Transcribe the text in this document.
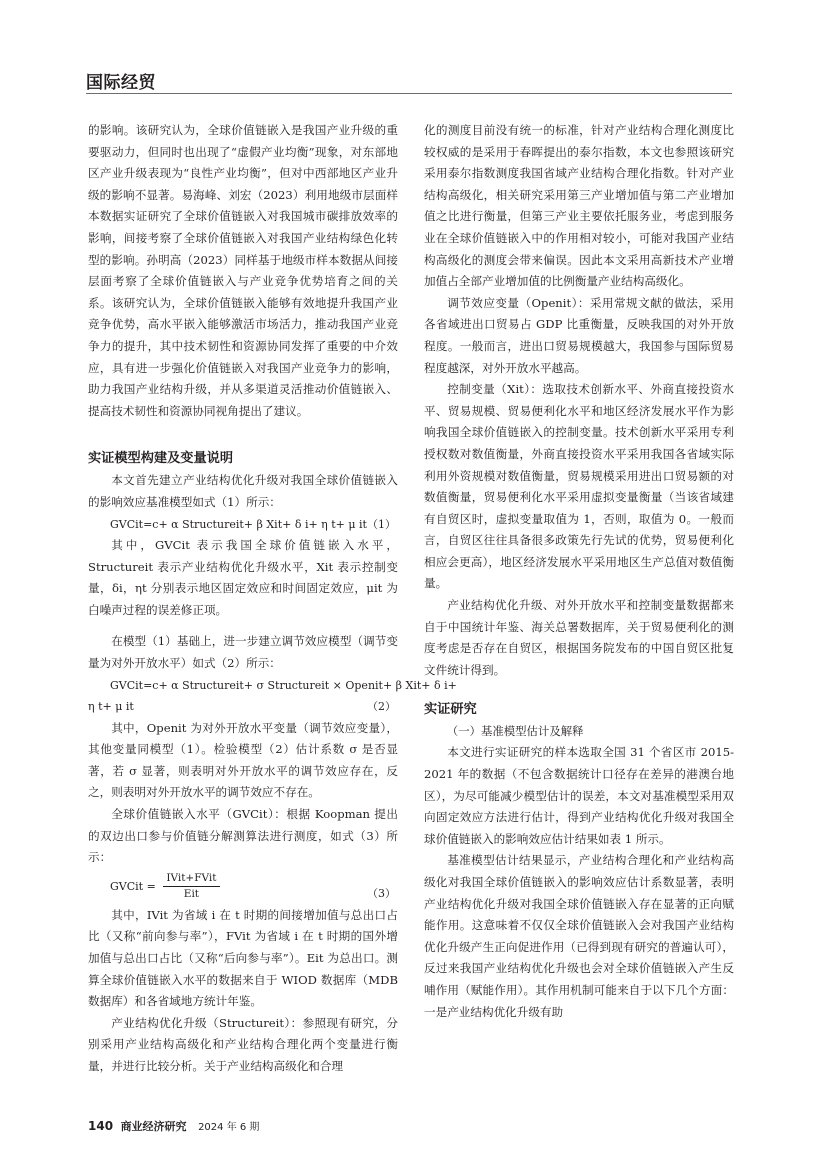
国际经贸

的影响。该研究认为，全球价值链嵌入是我国产业升级的重要驱动力，但同时也出现了“虚假产业均衡”现象，对东部地区产业升级表现为“良性产业均衡”，但对中西部地区产业升级的影响不显著。易海峰、刘宏（2023）利用地级市层面样本数据实证研究了全球价值链嵌入对我国城市碳排放效率的影响，间接考察了全球价值链嵌入对我国产业结构绿色化转型的影响。孙明高（2023）同样基于地级市样本数据从间接层面考察了全球价值链嵌入与产业竞争优势培育之间的关系。该研究认为，全球价值链嵌入能够有效地提升我国产业竞争优势，高水平嵌入能够激活市场活力，推动我国产业竞争力的提升，其中技术韧性和资源协同发挥了重要的中介效应，具有进一步强化价值链嵌入对我国产业竞争力的影响，助力我国产业结构升级，并从多渠道灵活推动价值链嵌入、提高技术韧性和资源协同视角提出了建议。

实证模型构建及变量说明

本文首先建立产业结构优化升级对我国全球价值链嵌入的影响效应基准模型如式（1）所示：

GVCit=c+ α Structureit+ β Xit+ δ i+ η t+ μ it （1）

其中，GVCit 表示我国全球价值链嵌入水平，Structureit 表示产业结构优化升级水平，Xit 表示控制变量，δi，ηt 分别表示地区固定效应和时间固定效应，μit 为白噪声过程的误差修正项。

在模型（1）基础上，进一步建立调节效应模型（调节变量为对外开放水平）如式（2）所示：

GVCit=c+ α Structureit+ σ Structureit × Openit+ β Xit+ δ i+
η t+ μ it	（2）

其中，Openit 为对外开放水平变量（调节效应变量），其他变量同模型（1）。检验模型（2）估计系数 σ 是否显著，若 σ 显著，则表明对外开放水平的调节效应存在，反之，则表明对外开放水平的调节效应不存在。

全球价值链嵌入水平（GVCit）：根据 Koopman 提出的双边出口参与价值链分解测算法进行测度，如式（3）所示：

GVCit = $\frac{\text{IVit+FVit}}{\text{Eit}}$	（3）

其中，IVit 为省域 i 在 t 时期的间接增加值与总出口占比（又称“前向参与率”），FVit 为省域 i 在 t 时期的国外增加值与总出口占比（又称“后向参与率”）。Eit 为总出口。测算全球价值链嵌入水平的数据来自于 WIOD 数据库（MDB 数据库）和各省域地方统计年鉴。

产业结构优化升级（Structureit）：参照现有研究，分别采用产业结构高级化和产业结构合理化两个变量进行衡量，并进行比较分析。关于产业结构高级化和合理

化的测度目前没有统一的标准，针对产业结构合理化测度比较权威的是采用于春晖提出的泰尔指数，本文也参照该研究采用泰尔指数测度我国省域产业结构合理化指数。针对产业结构高级化，相关研究采用第三产业增加值与第二产业增加值之比进行衡量，但第三产业主要依托服务业，考虑到服务业在全球价值链嵌入中的作用相对较小，可能对我国产业结构高级化的测度会带来偏误。因此本文采用高新技术产业增加值占全部产业增加值的比例衡量产业结构高级化。

调节效应变量（Openit）：采用常规文献的做法，采用各省域进出口贸易占 GDP 比重衡量，反映我国的对外开放程度。一般而言，进出口贸易规模越大，我国参与国际贸易程度越深，对外开放水平越高。

控制变量（Xit）：选取技术创新水平、外商直接投资水平、贸易规模、贸易便利化水平和地区经济发展水平作为影响我国全球价值链嵌入的控制变量。技术创新水平采用专利授权数对数值衡量，外商直接投资水平采用我国各省域实际利用外资规模对数值衡量，贸易规模采用进出口贸易额的对数值衡量，贸易便利化水平采用虚拟变量衡量（当该省域建有自贸区时，虚拟变量取值为 1，否则，取值为 0。一般而言，自贸区往往具备很多政策先行先试的优势，贸易便利化相应会更高），地区经济发展水平采用地区生产总值对数值衡量。

产业结构优化升级、对外开放水平和控制变量数据都来自于中国统计年鉴、海关总署数据库，关于贸易便利化的测度考虑是否存在自贸区，根据国务院发布的中国自贸区批复文件统计得到。

实证研究
（一）基准模型估计及解释

本文进行实证研究的样本选取全国 31 个省区市 2015-2021 年的数据（不包含数据统计口径存在差异的港澳台地区），为尽可能减少模型估计的误差，本文对基准模型采用双向固定效应方法进行估计，得到产业结构优化升级对我国全球价值链嵌入的影响效应估计结果如表 1 所示。

基准模型估计结果显示，产业结构合理化和产业结构高级化对我国全球价值链嵌入的影响效应估计系数显著，表明产业结构优化升级对我国全球价值链嵌入存在显著的正向赋能作用。这意味着不仅仅全球价值链嵌入会对我国产业结构优化升级产生正向促进作用（已得到现有研究的普遍认可），反过来我国产业结构优化升级也会对全球价值链嵌入产生反哺作用（赋能作用）。其作用机制可能来自于以下几个方面：一是产业结构优化升级有助

140 商业经济研究 2024 年 6 期
